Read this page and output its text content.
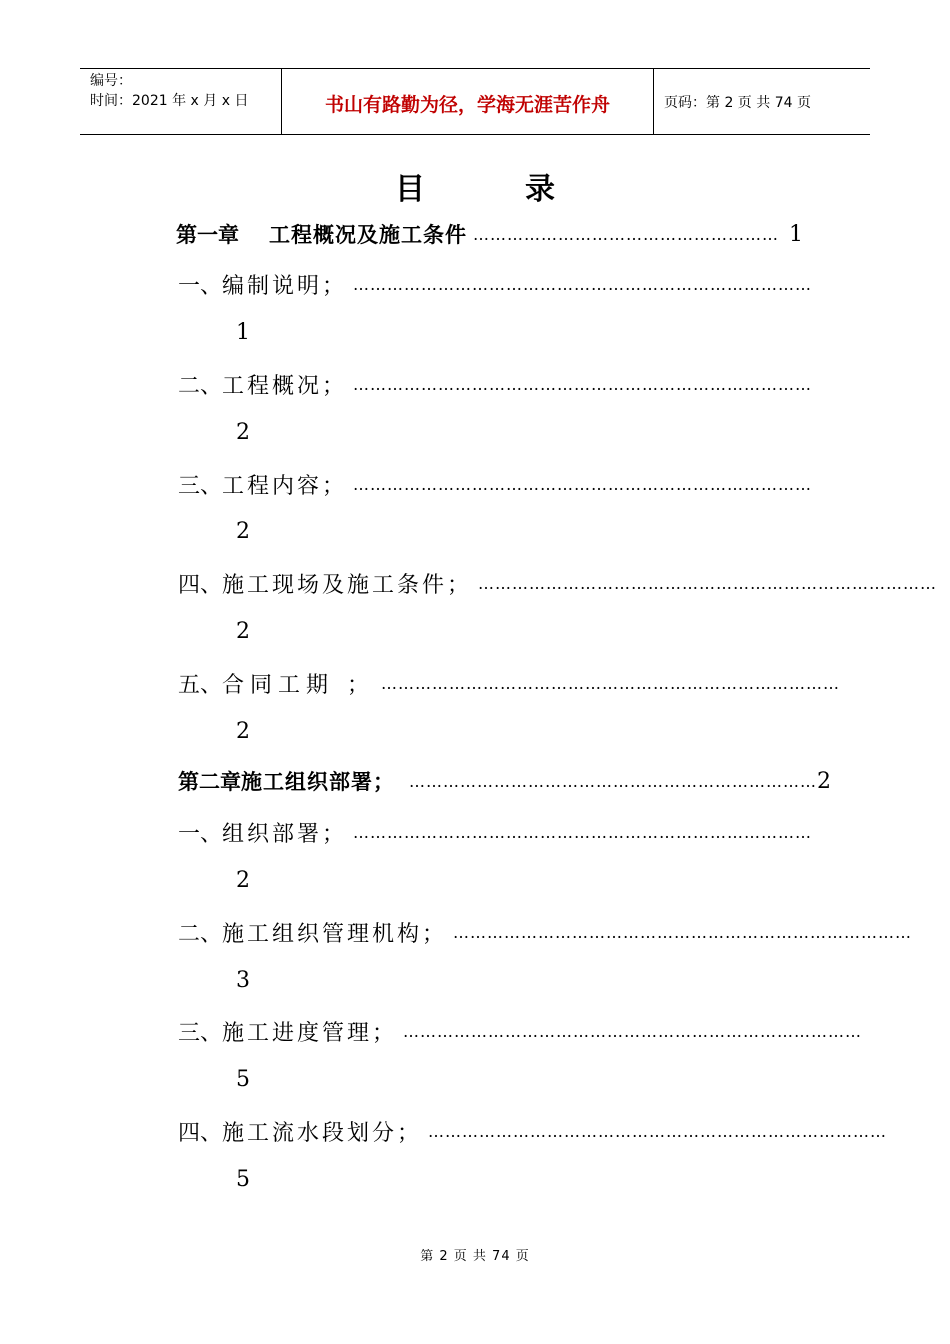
编号：
时间：2021 年 x 月 x 日	书山有路勤为径，学海无涯苦作舟	页码：第 2 页 共 74 页
目录
第一章 工程概况及施工条件 ……………………………………………… 1
一、 编制说明； ………………………………………………………………………
1
二、 工程概况； ………………………………………………………………………
2
三、 工程内容； ………………………………………………………………………
2
四、 施工现场及施工条件； ………………………………………………………………………
2
五、 合同工期 ； ………………………………………………………………………
2
第二章 施工组织部署； ……………………………………………………………… 2
一、 组织部署； ………………………………………………………………………
2
二、 施工组织管理机构； ………………………………………………………………………
3
三、 施工进度管理； ………………………………………………………………………
5
四、 施工流水段划分； ………………………………………………………………………
5
第 2 页 共 74 页
